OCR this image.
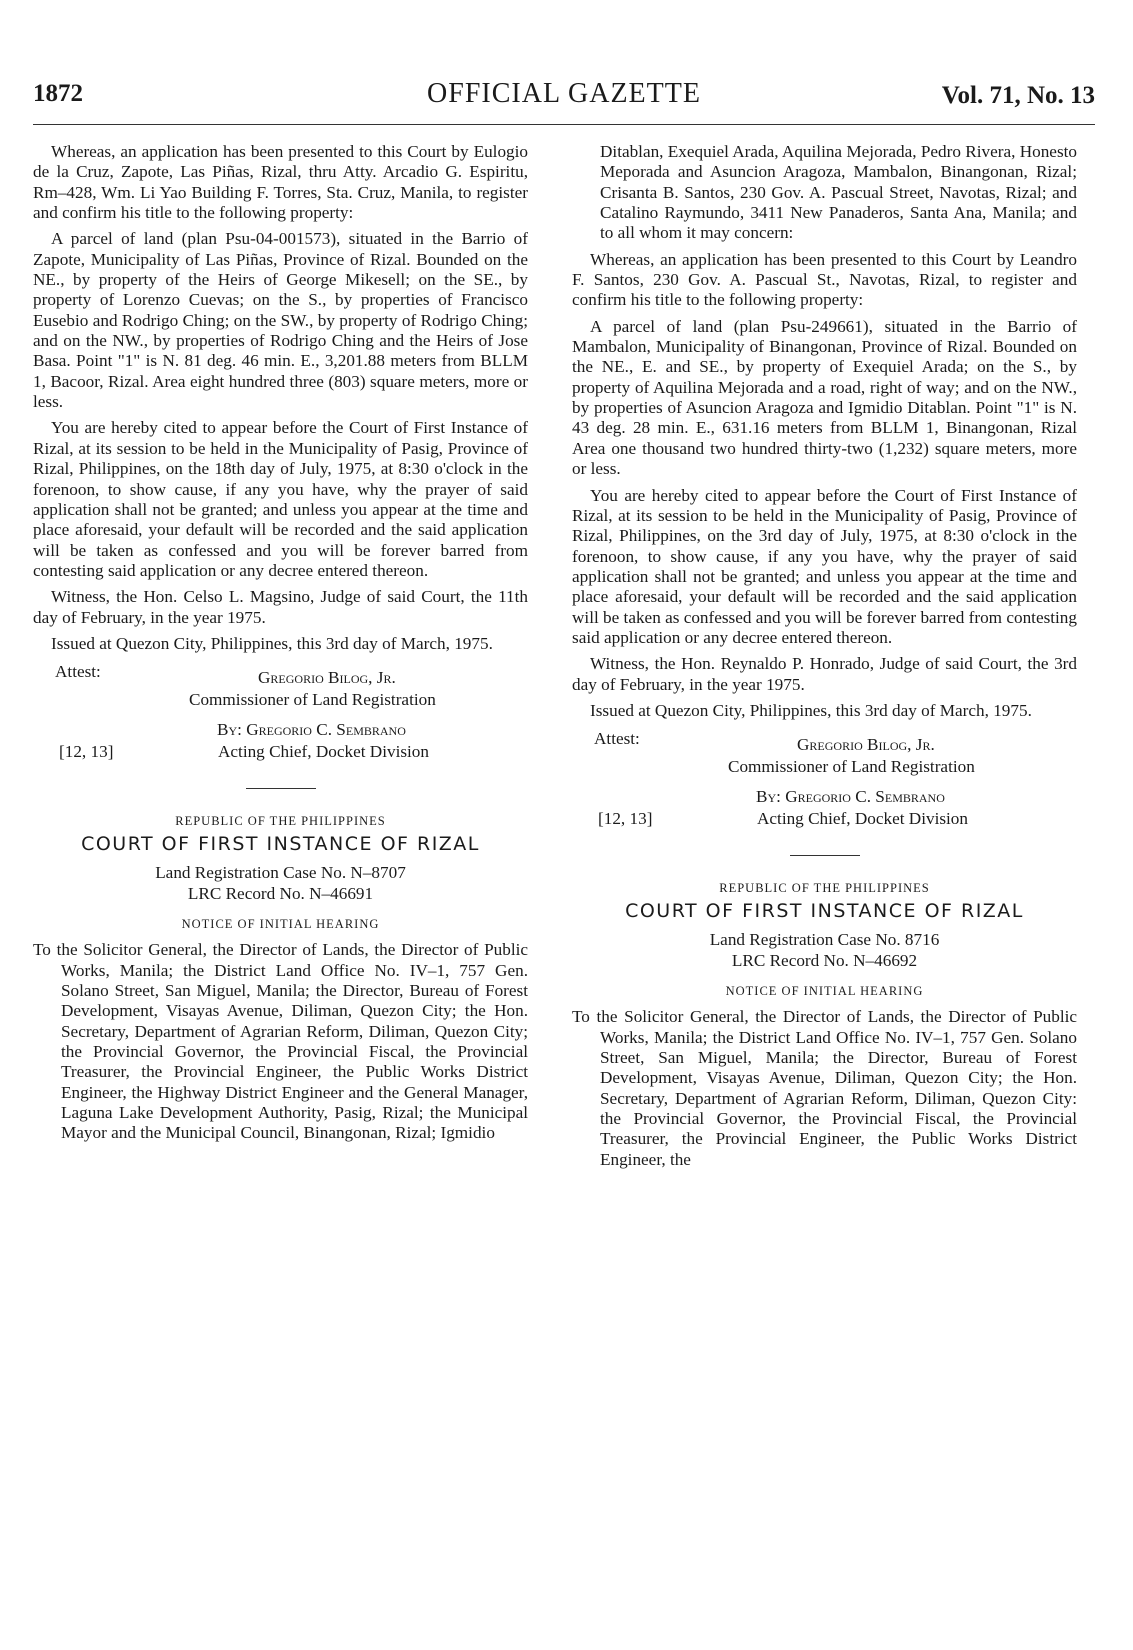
1872	OFFICIAL GAZETTE	Vol. 71, No. 13

Whereas, an application has been presented to this Court by Eulogio de la Cruz, Zapote, Las Piñas, Rizal, thru Atty. Arcadio G. Espiritu, Rm–428, Wm. Li Yao Building F. Torres, Sta. Cruz, Manila, to register and confirm his title to the following property:

A parcel of land (plan Psu-04-001573), situated in the Barrio of Zapote, Municipality of Las Piñas, Province of Rizal. Bounded on the NE., by property of the Heirs of George Mikesell; on the SE., by property of Lorenzo Cuevas; on the S., by properties of Francisco Eusebio and Rodrigo Ching; on the SW., by property of Rodrigo Ching; and on the NW., by properties of Rodrigo Ching and the Heirs of Jose Basa. Point "1" is N. 81 deg. 46 min. E., 3,201.88 meters from BLLM 1, Bacoor, Rizal. Area eight hundred three (803) square meters, more or less.

You are hereby cited to appear before the Court of First Instance of Rizal, at its session to be held in the Municipality of Pasig, Province of Rizal, Philippines, on the 18th day of July, 1975, at 8:30 o'clock in the forenoon, to show cause, if any you have, why the prayer of said application shall not be granted; and unless you appear at the time and place aforesaid, your default will be recorded and the said application will be taken as confessed and you will be forever barred from contesting said application or any decree entered thereon.

Witness, the Hon. Celso L. Magsino, Judge of said Court, the 11th day of February, in the year 1975.

Issued at Quezon City, Philippines, this 3rd day of March, 1975.

Attest:	Gregorio Bilog, Jr.
Commissioner of Land Registration
By: Gregorio C. Sembrano
[12, 13]	Acting Chief, Docket Division
REPUBLIC OF THE PHILIPPINES
COURT OF FIRST INSTANCE OF RIZAL

Land Registration Case No. N–8707

LRC Record No. N–46691

NOTICE OF INITIAL HEARING

To the Solicitor General, the Director of Lands, the Director of Public Works, Manila; the District Land Office No. IV–1, 757 Gen. Solano Street, San Miguel, Manila; the Director, Bureau of Forest Development, Visayas Avenue, Diliman, Quezon City; the Hon. Secretary, Department of Agrarian Reform, Diliman, Quezon City; the Provincial Governor, the Provincial Fiscal, the Provincial Treasurer, the Provincial Engineer, the Public Works District Engineer, the Highway District Engineer and the General Manager, Laguna Lake Development Authority, Pasig, Rizal; the Municipal Mayor and the Municipal Council, Binangonan, Rizal; Igmidio

Ditablan, Exequiel Arada, Aquilina Mejorada, Pedro Rivera, Honesto Meporada and Asuncion Aragoza, Mambalon, Binangonan, Rizal; Crisanta B. Santos, 230 Gov. A. Pascual Street, Navotas, Rizal; and Catalino Raymundo, 3411 New Panaderos, Santa Ana, Manila; and to all whom it may concern:

Whereas, an application has been presented to this Court by Leandro F. Santos, 230 Gov. A. Pascual St., Navotas, Rizal, to register and confirm his title to the following property:

A parcel of land (plan Psu-249661), situated in the Barrio of Mambalon, Municipality of Binangonan, Province of Rizal. Bounded on the NE., E. and SE., by property of Exequiel Arada; on the S., by property of Aquilina Mejorada and a road, right of way; and on the NW., by properties of Asuncion Aragoza and Igmidio Ditablan. Point "1" is N. 43 deg. 28 min. E., 631.16 meters from BLLM 1, Binangonan, Rizal Area one thousand two hundred thirty-two (1,232) square meters, more or less.

You are hereby cited to appear before the Court of First Instance of Rizal, at its session to be held in the Municipality of Pasig, Province of Rizal, Philippines, on the 3rd day of July, 1975, at 8:30 o'clock in the forenoon, to show cause, if any you have, why the prayer of said application shall not be granted; and unless you appear at the time and place aforesaid, your default will be recorded and the said application will be taken as confessed and you will be forever barred from contesting said application or any decree entered thereon.

Witness, the Hon. Reynaldo P. Honrado, Judge of said Court, the 3rd day of February, in the year 1975.

Issued at Quezon City, Philippines, this 3rd day of March, 1975.

Attest:	Gregorio Bilog, Jr.
Commissioner of Land Registration
By: Gregorio C. Sembrano
[12, 13]	Acting Chief, Docket Division
REPUBLIC OF THE PHILIPPINES
COURT OF FIRST INSTANCE OF RIZAL

Land Registration Case No. 8716

LRC Record No. N–46692

NOTICE OF INITIAL HEARING

To the Solicitor General, the Director of Lands, the Director of Public Works, Manila; the District Land Office No. IV–1, 757 Gen. Solano Street, San Miguel, Manila; the Director, Bureau of Forest Development, Visayas Avenue, Diliman, Quezon City; the Hon. Secretary, Department of Agrarian Reform, Diliman, Quezon City: the Provincial Governor, the Provincial Fiscal, the Provincial Treasurer, the Provincial Engineer, the Public Works District Engineer, the
